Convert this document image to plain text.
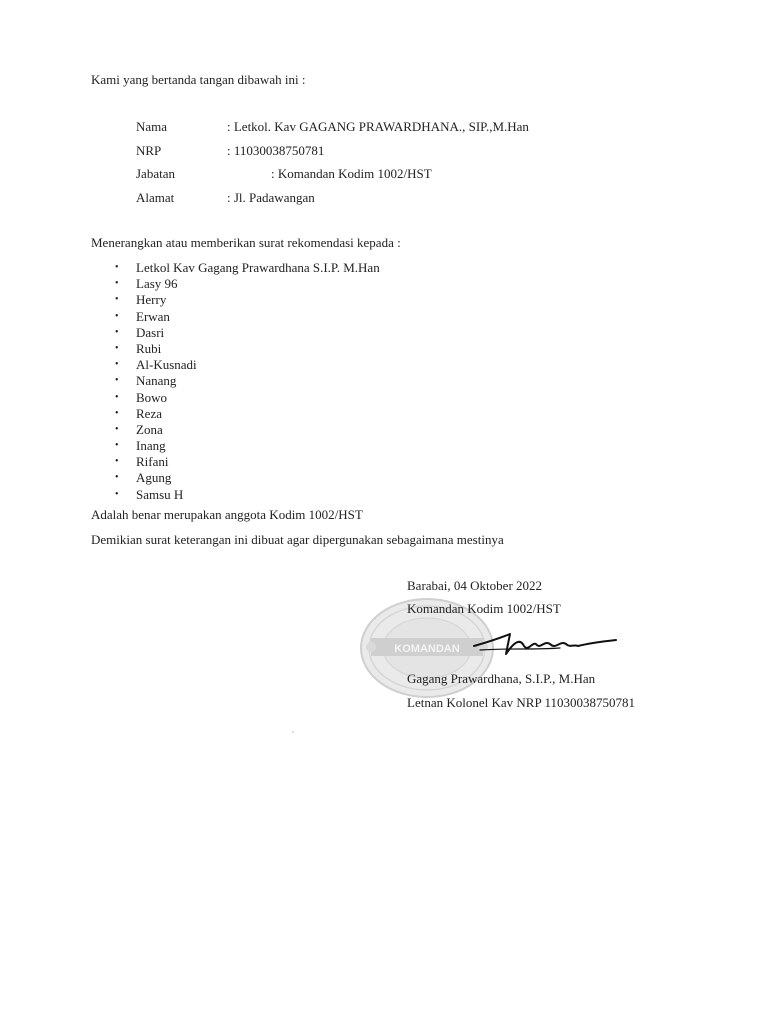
Kami yang bertanda tangan dibawah ini :
Nama	: Letkol. Kav GAGANG PRAWARDHANA., SIP.,M.Han
NRP	: 11030038750781
Jabatan	: Komandan Kodim 1002/HST
Alamat	: Jl. Padawangan
Menerangkan atau memberikan surat rekomendasi kepada :
• Letkol Kav Gagang Prawardhana S.I.P. M.Han
• Lasy 96
• Herry
• Erwan
• Dasri
• Rubi
• Al-Kusnadi
• Nanang
• Bowo
• Reza
• Zona
• Inang
• Rifani
• Agung
• Samsu H
Adalah benar merupakan anggota Kodim 1002/HST
Demikian surat keterangan ini dibuat agar dipergunakan sebagaimana mestinya
KOMANDAN
Barabai, 04 Oktober 2022
Komandan Kodim 1002/HST
Gagang Prawardhana, S.I.P., M.Han
Letnan Kolonel Kav NRP 11030038750781
